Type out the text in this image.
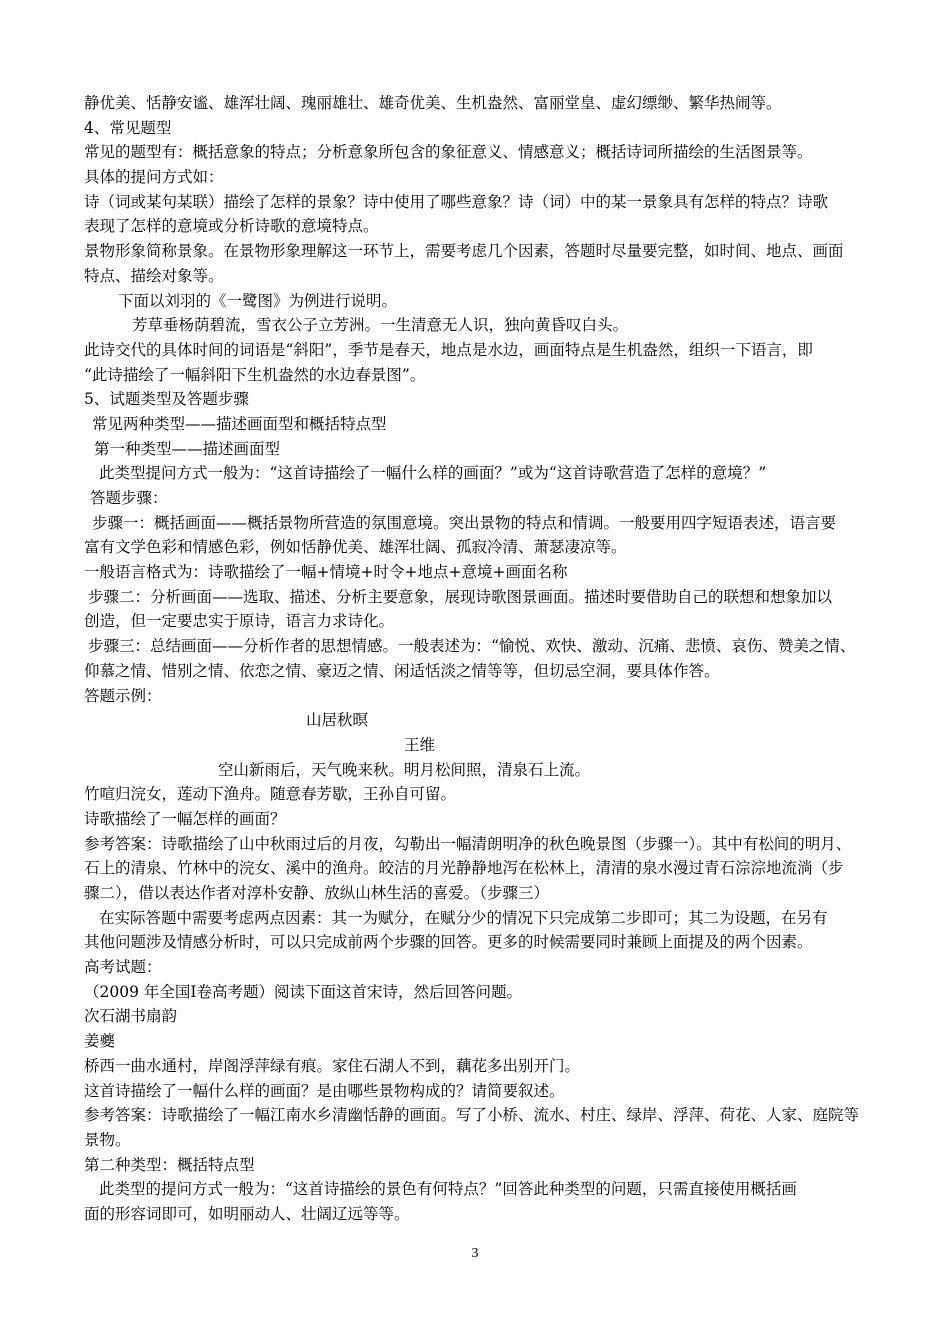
静优美、恬静安谧、雄浑壮阔、瑰丽雄壮、雄奇优美、生机盎然、富丽堂皇、虚幻缥缈、繁华热闹等。
4、常见题型
常见的题型有：概括意象的特点；分析意象所包含的象征意义、情感意义；概括诗词所描绘的生活图景等。
具体的提问方式如：
诗（词或某句某联）描绘了怎样的景象？诗中使用了哪些意象？诗（词）中的某一景象具有怎样的特点？诗歌
表现了怎样的意境或分析诗歌的意境特点。
景物形象简称景象。在景物形象理解这一环节上，需要考虑几个因素，答题时尽量要完整，如时间、地点、画面
特点、描绘对象等。
下面以刘羽的《一鹭图》为例进行说明。
芳草垂杨荫碧流，雪衣公子立芳洲。一生清意无人识，独向黄昏叹白头。
此诗交代的具体时间的词语是“斜阳”，季节是春天，地点是水边，画面特点是生机盎然，组织一下语言，即
“此诗描绘了一幅斜阳下生机盎然的水边春景图”。
5、试题类型及答题步骤
常见两种类型——描述画面型和概括特点型
第一种类型——描述画面型
此类型提问方式一般为：“这首诗描绘了一幅什么样的画面？”或为“这首诗歌营造了怎样的意境？”
答题步骤：
步骤一：概括画面——概括景物所营造的氛围意境。突出景物的特点和情调。一般要用四字短语表述，语言要
富有文学色彩和情感色彩，例如恬静优美、雄浑壮阔、孤寂冷清、萧瑟凄凉等。
一般语言格式为：诗歌描绘了一幅+情境+时令+地点+意境+画面名称
步骤二：分析画面——选取、描述、分析主要意象，展现诗歌图景画面。描述时要借助自己的联想和想象加以
创造，但一定要忠实于原诗，语言力求诗化。
步骤三：总结画面——分析作者的思想情感。一般表述为：“愉悦、欢快、激动、沉痛、悲愤、哀伤、赞美之情、
仰慕之情、惜别之情、依恋之情、豪迈之情、闲适恬淡之情等等，但切忌空洞，要具体作答。
答题示例：
山居秋暝
王维
空山新雨后，天气晚来秋。明月松间照，清泉石上流。
竹喧归浣女，莲动下渔舟。随意春芳歇，王孙自可留。
诗歌描绘了一幅怎样的画面？
参考答案：诗歌描绘了山中秋雨过后的月夜，勾勒出一幅清朗明净的秋色晚景图（步骤一）。其中有松间的明月、
石上的清泉、竹林中的浣女、溪中的渔舟。皎洁的月光静静地泻在松林上，清清的泉水漫过青石淙淙地流淌（步
骤二），借以表达作者对淳朴安静、放纵山林生活的喜爱。（步骤三）
在实际答题中需要考虑两点因素：其一为赋分，在赋分少的情况下只完成第二步即可；其二为设题，在另有
其他问题涉及情感分析时，可以只完成前两个步骤的回答。更多的时候需要同时兼顾上面提及的两个因素。
高考试题：
（2009 年全国Ⅰ卷高考题）阅读下面这首宋诗，然后回答问题。
次石湖书扇韵
姜夔
桥西一曲水通村，岸阁浮萍绿有痕。家住石湖人不到，藕花多出别开门。
这首诗描绘了一幅什么样的画面？是由哪些景物构成的？请简要叙述。
参考答案：诗歌描绘了一幅江南水乡清幽恬静的画面。写了小桥、流水、村庄、绿岸、浮萍、荷花、人家、庭院等
景物。
第二种类型：概括特点型
此类型的提问方式一般为：“这首诗描绘的景色有何特点？”回答此种类型的问题，只需直接使用概括画
面的形容词即可，如明丽动人、壮阔辽远等等。
3
